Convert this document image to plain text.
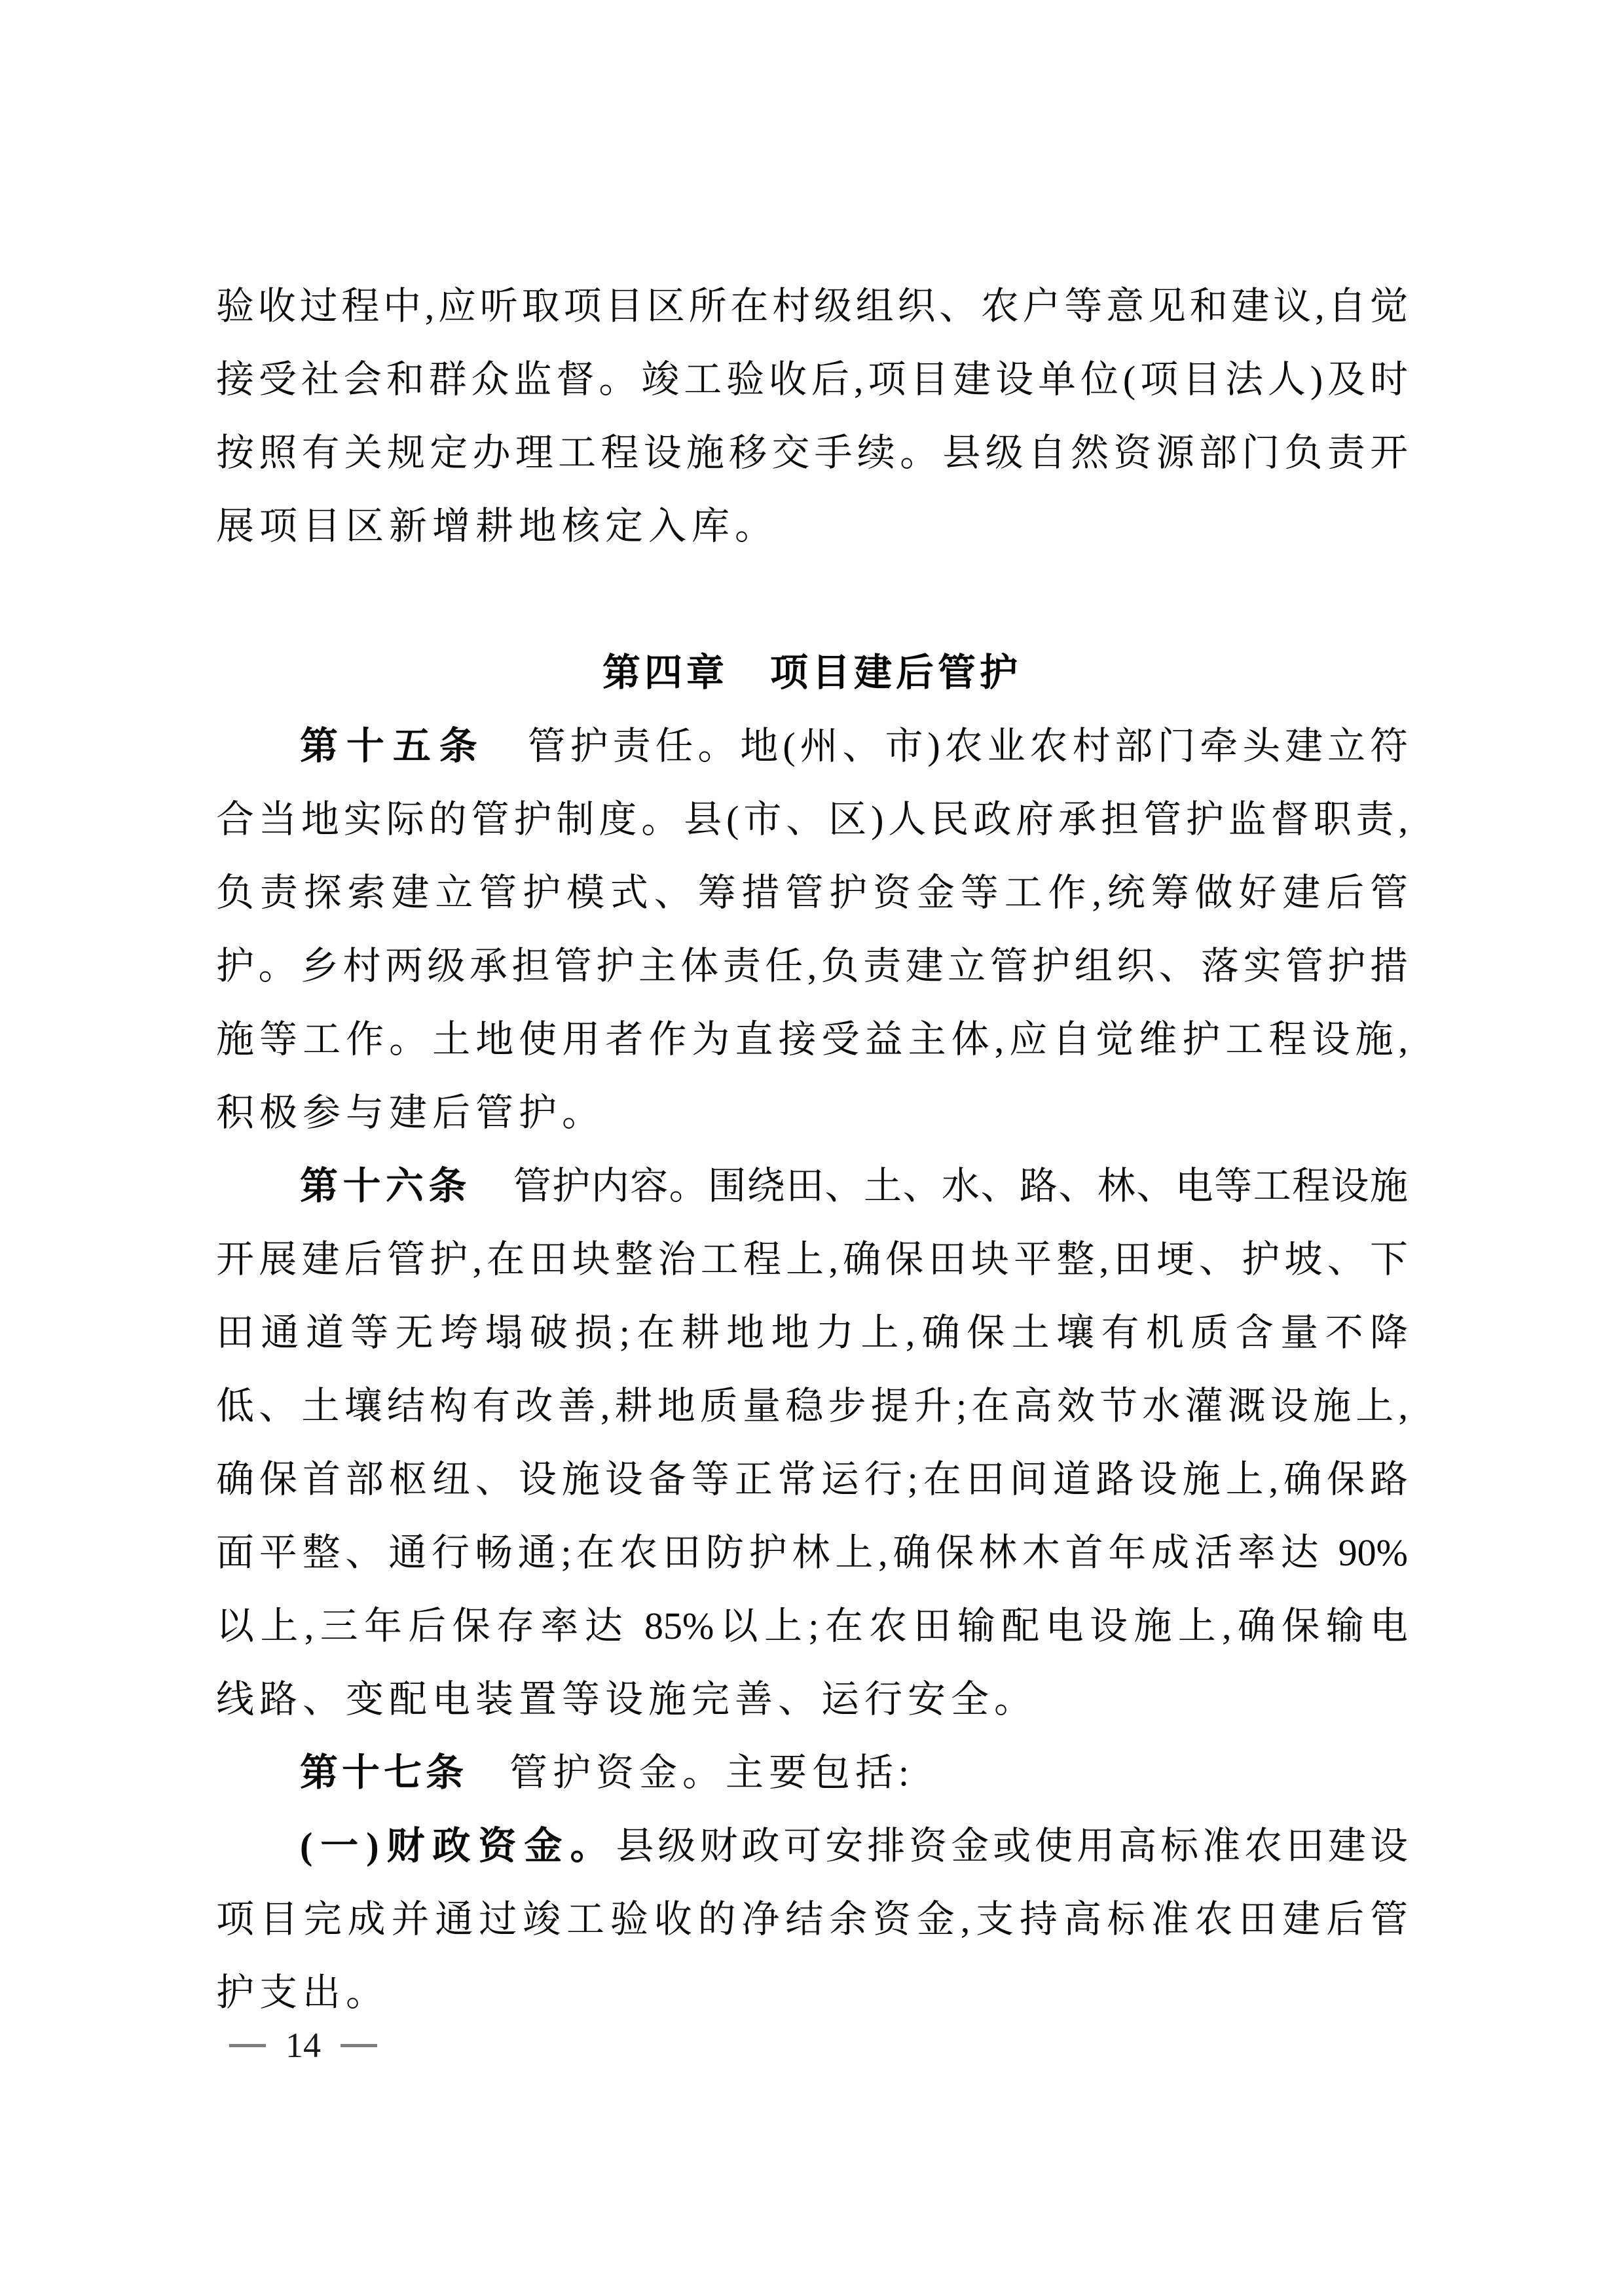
验收过程中,应听取项目区所在村级组织、农户等意见和建议,自觉
接受社会和群众监督。竣工验收后,项目建设单位(项目法人)及时
按照有关规定办理工程设施移交手续。县级自然资源部门负责开
展项目区新增耕地核定入库。
第四章　项目建后管护
第十五条 管护责任。地(州、市)农业农村部门牵头建立符
合当地实际的管护制度。县(市、区)人民政府承担管护监督职责,
负责探索建立管护模式、筹措管护资金等工作,统筹做好建后管
护。乡村两级承担管护主体责任,负责建立管护组织、落实管护措
施等工作。土地使用者作为直接受益主体,应自觉维护工程设施,
积极参与建后管护。
第十六条 管护内容。围绕田、土、水、路、林、电等工程设施
开展建后管护,在田块整治工程上,确保田块平整,田埂、护坡、下
田通道等无垮塌破损;在耕地地力上,确保土壤有机质含量不降
低、土壤结构有改善,耕地质量稳步提升;在高效节水灌溉设施上,
确保首部枢纽、设施设备等正常运行;在田间道路设施上,确保路
面平整、通行畅通;在农田防护林上,确保林木首年成活率达 90%
以上,三年后保存率达 85%以上;在农田输配电设施上,确保输电
线路、变配电装置等设施完善、运行安全。
第十七条 管护资金。主要包括:
(一)财政资金。县级财政可安排资金或使用高标准农田建设
项目完成并通过竣工验收的净结余资金,支持高标准农田建后管
护支出。
14
